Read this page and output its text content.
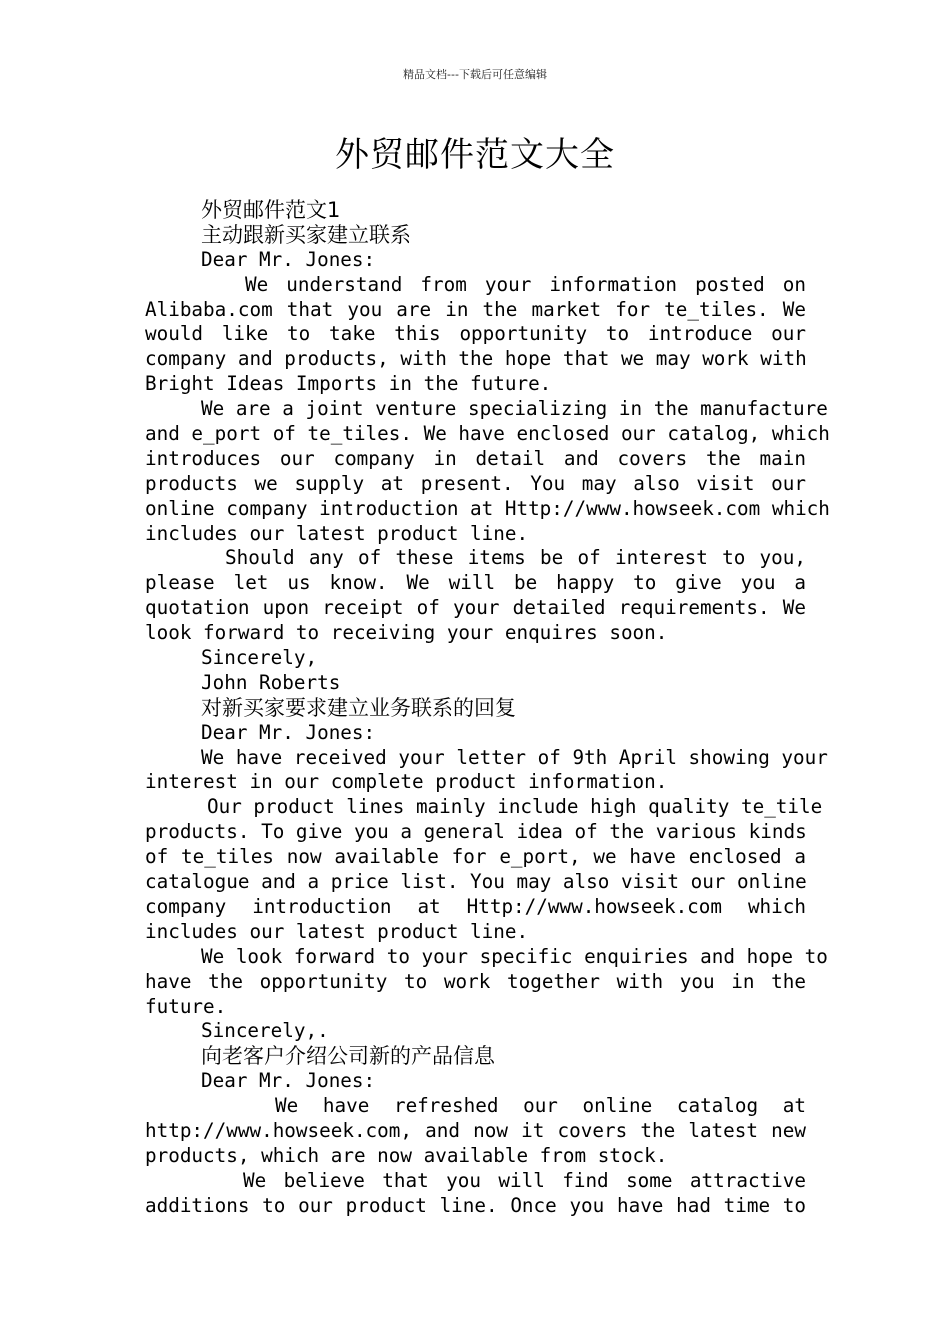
精品文档---下载后可任意编辑
外贸邮件范文大全
外贸邮件范文1
主动跟新买家建立联系
Dear Mr. Jones:
We understand from your information posted on
Alibaba.com that you are in the market for te_tiles. We
would like to take this opportunity to introduce our
company and products, with the hope that we may work with
Bright Ideas Imports in the future.
We are a joint venture specializing in the manufacture
and e_port of te_tiles. We have enclosed our catalog, which
introduces our company in detail and covers the main
products we supply at present. You may also visit our
online company introduction at Http://www.howseek.com which
includes our latest product line.
Should any of these items be of interest to you,
please let us know. We will be happy to give you a
quotation upon receipt of your detailed requirements. We
look forward to receiving your enquires soon.
Sincerely,
John Roberts
对新买家要求建立业务联系的回复
Dear Mr. Jones:
We have received your letter of 9th April showing your
interest in our complete product information.
Our product lines mainly include high quality te_tile
products. To give you a general idea of the various kinds
of te_tiles now available for e_port, we have enclosed a
catalogue and a price list. You may also visit our online
company introduction at Http://www.howseek.com which
includes our latest product line.
We look forward to your specific enquiries and hope to
have the opportunity to work together with you in the
future.
Sincerely,.
向老客户介绍公司新的产品信息
Dear Mr. Jones:
We have refreshed our online catalog at
http://www.howseek.com, and now it covers the latest new
products, which are now available from stock.
We believe that you will find some attractive
additions to our product line. Once you have had time to
